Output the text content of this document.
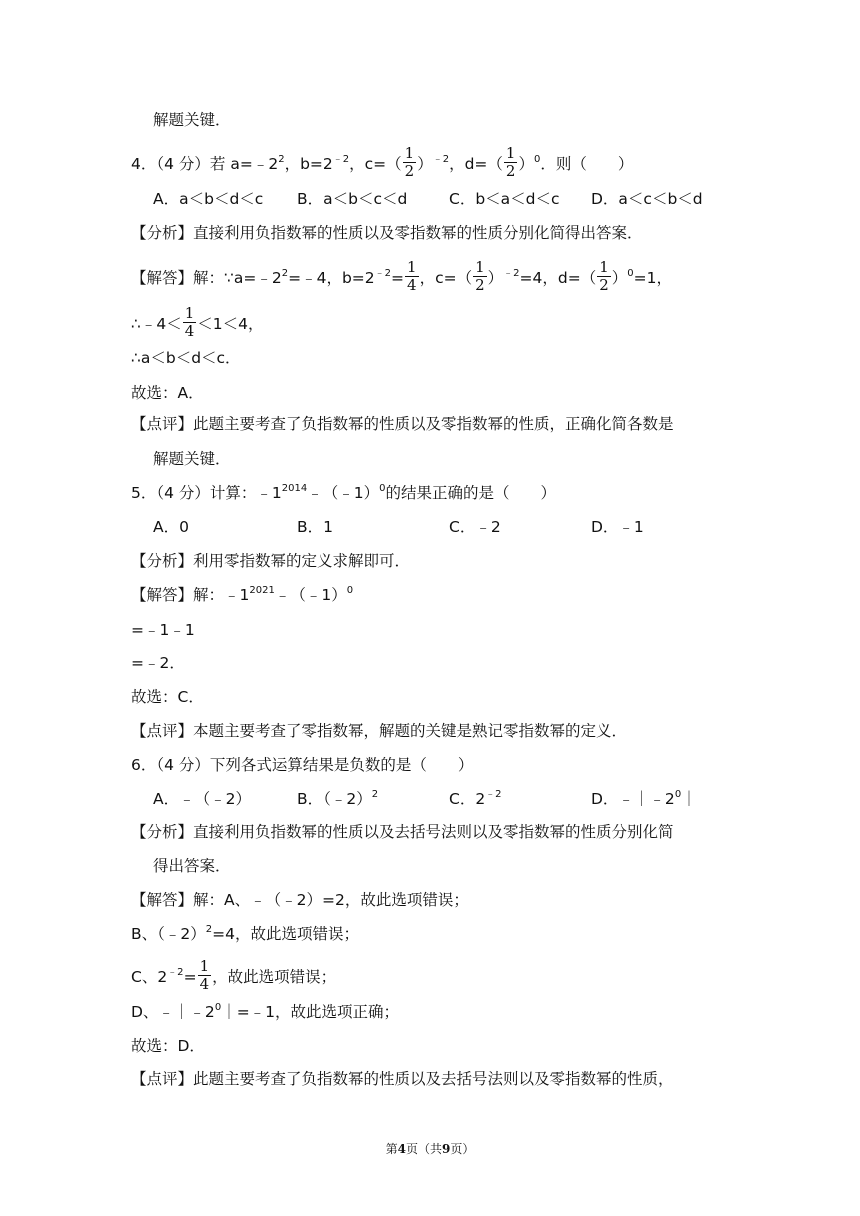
解题关键．
4．（4 分）若 $a=﹣2^2$，$b=2^{﹣2}$，$c=( \frac{1}{2} )^{﹣2}$，$d=( \frac{1}{2} )^0$．则（　　）
A．a＜b＜d＜c B．a＜b＜c＜d	C．b＜a＜d＜c D．a＜c＜b＜d
【分析】直接利用负指数幂的性质以及零指数幂的性质分别化简得出答案．
【解答】解：$\because a=﹣2^2=﹣4$，$b=2^{﹣2}= \frac{1}{4}$ ，$c=( \frac{1}{2} )^{﹣2}=4$，$d=( \frac{1}{2} )^0=1$，
∴﹣4＜ $\frac{1}{4} <1<4$，
∴a＜b＜d＜c．
故选：A．
【点评】此题主要考查了负指数幂的性质以及零指数幂的性质，正确化简各数是
解题关键．
5．（4 分）计算：$﹣1^{2014}﹣(﹣1)^0$的结果正确的是（　　）
A．0	B．1	C．﹣2	D．﹣1
【分析】利用零指数幂的定义求解即可．
【解答】解：$﹣1^{2021}﹣(﹣1)^0$
=﹣1﹣1
=﹣2．
故选：C．
【点评】本题主要考查了零指数幂，解题的关键是熟记零指数幂的定义．
6．（4 分）下列各式运算结果是负数的是（　　）
A．﹣（﹣2）	B．（﹣2）$^2$	C．$2^{﹣2}$	D．$﹣|﹣2^0|$
【分析】直接利用负指数幂的性质以及去括号法则以及零指数幂的性质分别化简
得出答案．
【解答】解：A、﹣（﹣2）=2，故此选项错误；
B、（﹣2）$^2$=4，故此选项错误；
C、$2^{﹣2}= \frac{1}{4}$ ，故此选项错误；
D、$﹣|﹣2^0|=﹣1$，故此选项正确；
故选：D．
【点评】此题主要考查了负指数幂的性质以及去括号法则以及零指数幂的性质，
第4页（共9页）
